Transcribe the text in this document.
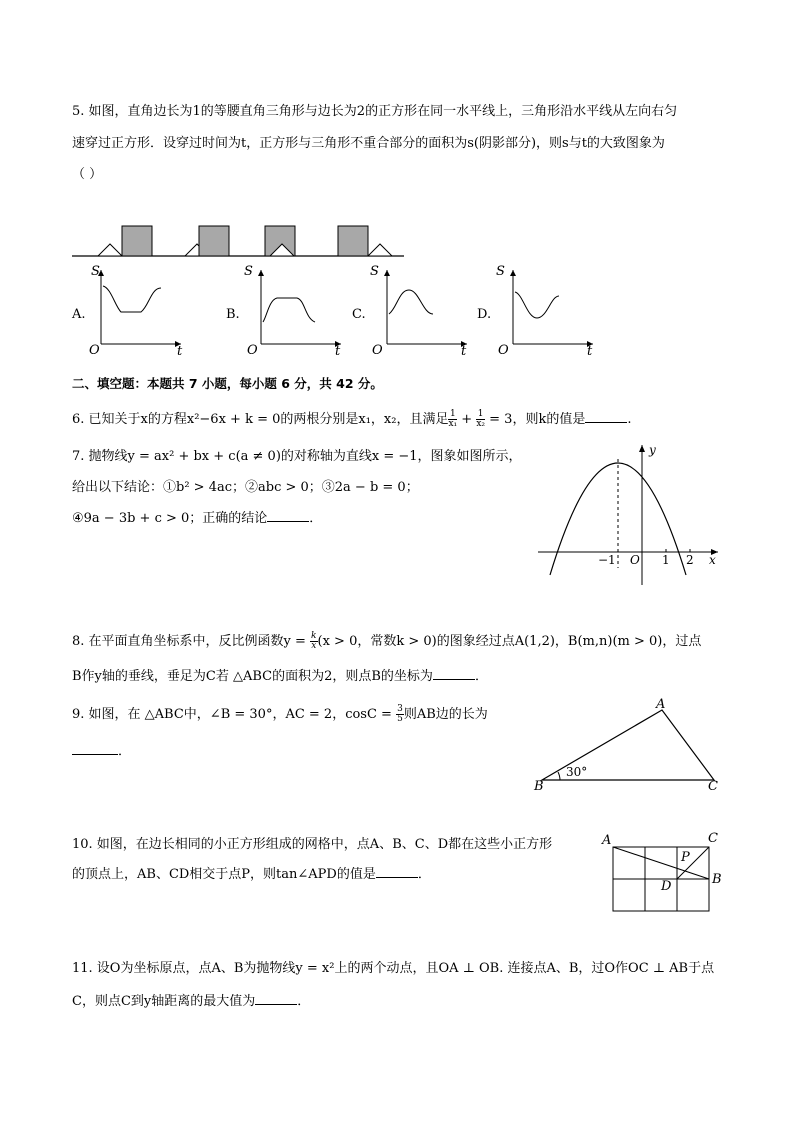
5. 如图，直角边长为1的等腰直角三角形与边长为2的正方形在同一水平线上，三角形沿水平线从左向右匀
速穿过正方形．设穿过时间为t，正方形与三角形不重合部分的面积为s(阴影部分)，则s与t的大致图象为
（ ）
A.
S
t
O
B.
S
t
O
C.
S
t
O
D.
S
t
O
二、填空题：本题共 7 小题，每小题 6 分，共 42 分。
6. 已知关于x的方程x²−6x + k = 0的两根分别是x₁，x₂，且满足 $\frac{1}{\text{x₁}} + \frac{1}{\text{x₂}} = 3$，则k的值是	.
7. 抛物线y = ax² + bx + c(a ≠ 0)的对称轴为直线x = −1，图象如图所示，
给出以下结论：①b² > 4ac；②abc > 0；③2a − b = 0；
④9a − 3b + c > 0；正确的结论	．
y
x
O
−1	1 2
8. 在平面直角坐标系中，反比例函数$y = \frac{k}{x} (x > 0$，常数k > 0)的图象经过点A(1,2)，B(m,n)(m > 0)，过点
B作y轴的垂线，垂足为C若 △ABC的面积为2，则点B的坐标为	．
9. 如图，在 △ABC中，∠B = 30°，AC = 2，$\cos C = \frac{3}{5}$ 则AB边的长为
．
A
B	C
30°
10. 如图，在边长相同的小正方形组成的网格中，点A、B、C、D都在这些小正方形
的顶点上，AB、CD相交于点P，则tan∠APD的值是	．
A	C
B
D
P
11. 设O为坐标原点，点A、B为抛物线y = x²上的两个动点，且OA ⊥ OB. 连接点A、B，过O作OC ⊥ AB于点
C，则点C到y轴距离的最大值为	．
